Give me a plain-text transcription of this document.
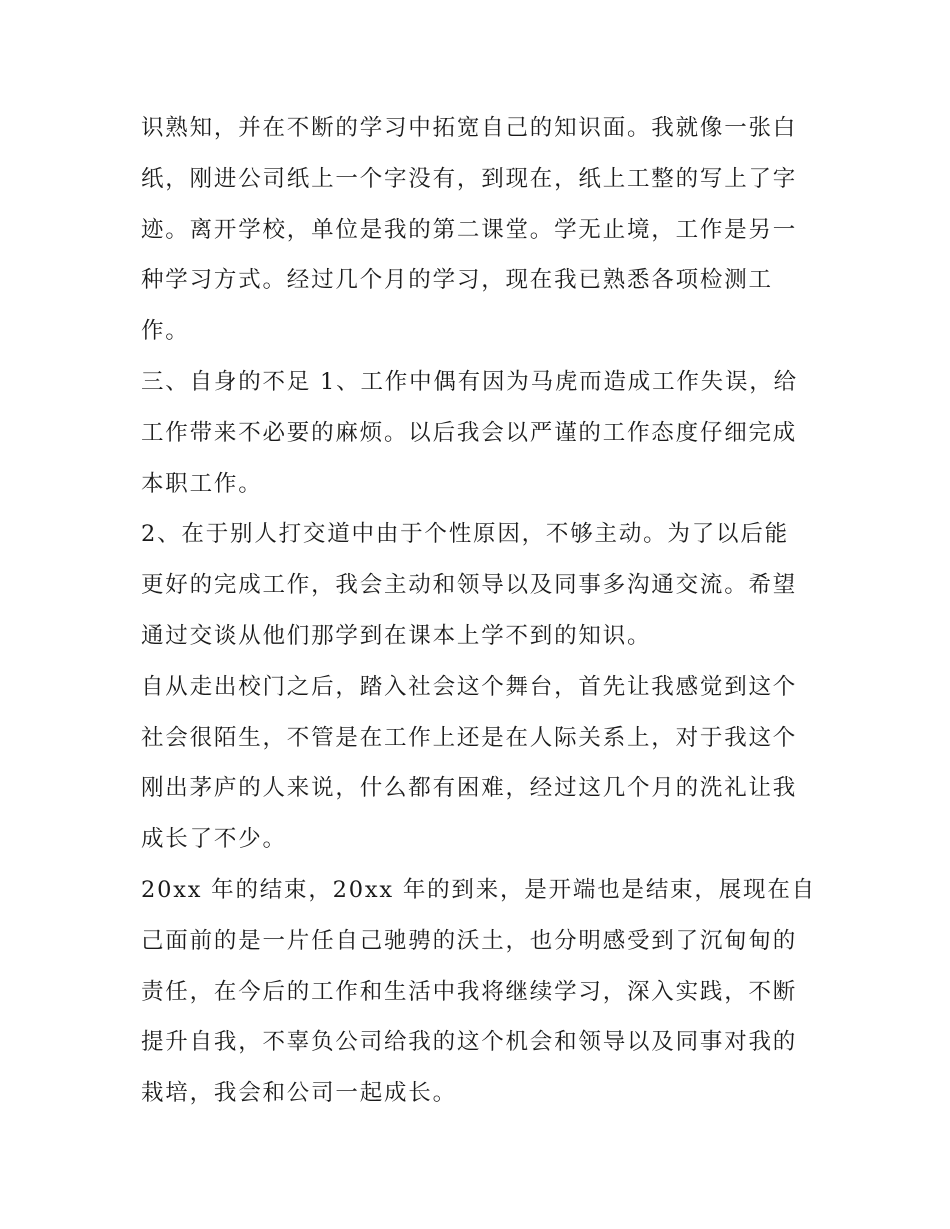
识熟知，并在不断的学习中拓宽自己的知识面。我就像一张白
纸，刚进公司纸上一个字没有，到现在，纸上工整的写上了字
迹。离开学校，单位是我的第二课堂。学无止境，工作是另一
种学习方式。经过几个月的学习，现在我已熟悉各项检测工
作。
三、自身的不足 1、工作中偶有因为马虎而造成工作失误，给
工作带来不必要的麻烦。以后我会以严谨的工作态度仔细完成
本职工作。
2、在于别人打交道中由于个性原因，不够主动。为了以后能
更好的完成工作，我会主动和领导以及同事多沟通交流。希望
通过交谈从他们那学到在课本上学不到的知识。
自从走出校门之后，踏入社会这个舞台，首先让我感觉到这个
社会很陌生，不管是在工作上还是在人际关系上，对于我这个
刚出茅庐的人来说，什么都有困难，经过这几个月的洗礼让我
成长了不少。
20xx 年的结束，20xx 年的到来，是开端也是结束，展现在自
己面前的是一片任自己驰骋的沃土，也分明感受到了沉甸甸的
责任，在今后的工作和生活中我将继续学习，深入实践，不断
提升自我，不辜负公司给我的这个机会和领导以及同事对我的
栽培，我会和公司一起成长。
